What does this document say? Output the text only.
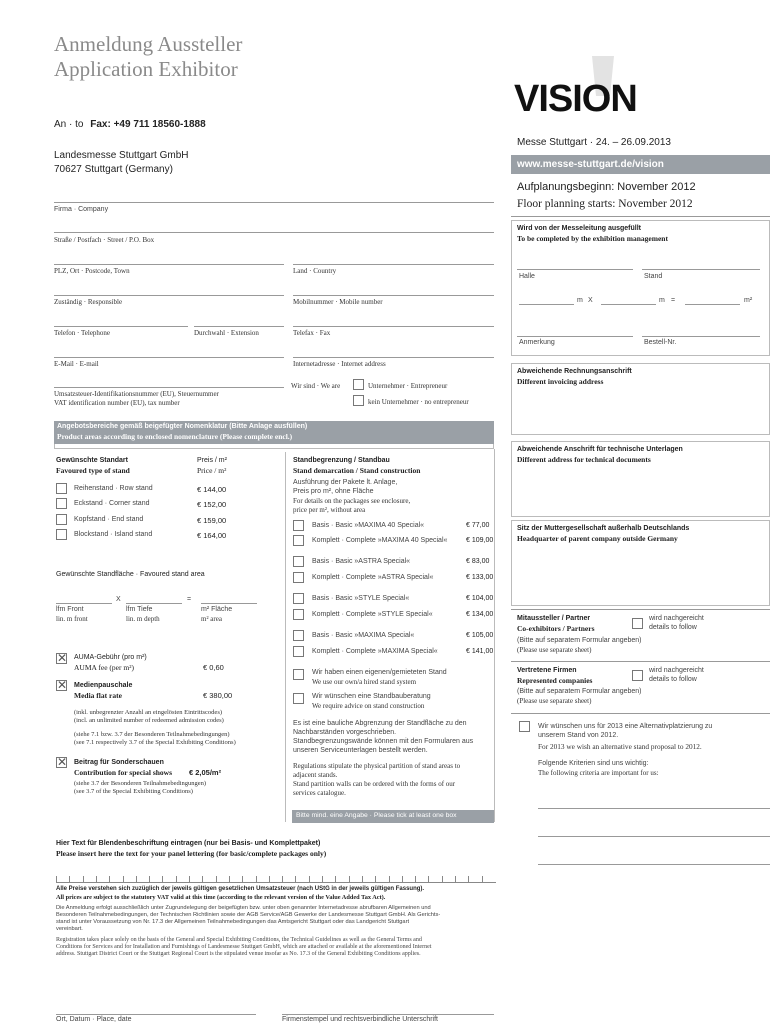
Anmeldung Aussteller
Application Exhibitor
VISION
An · to Fax: +49 711 18560-1888
Landesmesse Stuttgart GmbH
70627 Stuttgart (Germany)
Messe Stuttgart · 24. – 26.09.2013
www.messe-stuttgart.de/vision
Aufplanungsbeginn: November 2012
Floor planning starts: November 2012
Firma · Company
Straße / Postfach · Street / P.O. Box
PLZ, Ort · Postcode, Town	Land · Country
Zuständig · Responsible	Mobilnummer · Mobile number
Telefon · Telephone	Durchwahl · Extension	Telefax · Fax
E-Mail · E-mail	Internetadresse · Internet address
Umsatzsteuer-Identifikationsnummer (EU), Steuernummer
VAT identification number (EU), tax number
Wir sind · We are	Unternehmer · Entrepreneur
kein Unternehmer · no entrepreneur
Wird von der Messeleitung ausgefüllt
To be completed by the exhibition management
Halle	Stand
m X	m =	m²
Anmerkung	Bestell-Nr.
Abweichende Rechnungsanschrift
Different invoicing address
Abweichende Anschrift für technische Unterlagen
Different address for technical documents
Sitz der Muttergesellschaft außerhalb Deutschlands
Headquarter of parent company outside Germany
Mitaussteller / Partner
Co-exhibitors / Partners
wird nachgereicht
details to follow
(Bitte auf separatem Formular angeben)
(Please use separate sheet)
Vertretene Firmen
Represented companies
wird nachgereicht
details to follow
(Bitte auf separatem Formular angeben)
(Please use separate sheet)
Wir wünschen uns für 2013 eine Alternativplatzierung zu
unserem Stand von 2012.
For 2013 we wish an alternative stand proposal to 2012.
Folgende Kriterien sind uns wichtig:
The following criteria are important for us:
Angebotsbereiche gemäß beigefügter Nomenklatur (Bitte Anlage ausfüllen)
Product areas according to enclosed nomenclature (Please complete encl.)
Gewünschte Standart
Favoured type of stand
Preis / m²
Price / m²
Reihenstand · Row stand	€ 144,00
Eckstand · Corner stand	€ 152,00
Kopfstand · End stand	€ 159,00
Blockstand · Island stand	€ 164,00
Gewünschte Standfläche · Favoured stand area
X	=
lfm Front
lin. m front
lfm Tiefe
lin. m depth
m² Fläche
m² area
✕ AUMA-Gebühr (pro m²)
AUMA fee (per m²)	€ 0,60
✕ Medienpauschale
Media flat rate	€ 380,00
(inkl. unbegrenzter Anzahl an eingelösten Eintrittscodes)
(incl. an unlimited number of redeemed admission codes)
(siehe 7.1 bzw. 3.7 der Besonderen Teilnahmebedingungen)
(see 7.1 respectively 3.7 of the Special Exhibiting Conditions)
✕ Beitrag für Sonderschauen
Contribution for special shows € 2,05/m²
(siehe 3.7 der Besonderen Teilnahmebedingungen)
(see 3.7 of the Special Exhibiting Conditions)
Standbegrenzung / Standbau
Stand demarcation / Stand construction
Ausführung der Pakete lt. Anlage,
Preis pro m², ohne Fläche
For details on the packages see enclosure,
price per m², without area
Basis · Basic »MAXIMA 40 Special«	€ 77,00
Komplett · Complete »MAXIMA 40 Special«	€ 109,00
Basis · Basic »ASTRA Special«	€ 83,00
Komplett · Complete »ASTRA Special«	€ 133,00
Basis · Basic »STYLE Special«	€ 104,00
Komplett · Complete »STYLE Special«	€ 134,00
Basis · Basic »MAXIMA Special«	€ 105,00
Komplett · Complete »MAXIMA Special«	€ 141,00
Wir haben einen eigenen/gemieteten Stand
We use our own/a hired stand system
Wir wünschen eine Standbauberatung
We require advice on stand construction
Es ist eine bauliche Abgrenzung der Standfläche zu den
Nachbarständen vorgeschrieben.
Standbegrenzungswände können mit den Formularen aus
unseren Serviceunterlagen bestellt werden.
Regulations stipulate the physical partition of stand areas to
adjacent stands.
Stand partition walls can be ordered with the forms of our
services catalogue.
Bitte mind. eine Angabe · Please tick at least one box
Hier Text für Blendenbeschriftung eintragen (nur bei Basis- und Komplettpaket)
Please insert here the text for your panel lettering (for basic/complete packages only)
Alle Preise verstehen sich zuzüglich der jeweils gültigen gesetzlichen Umsatzsteuer (nach UStG in der jeweils gültigen Fassung).
All prices are subject to the statutory VAT valid at this time (according to the relevant version of the Value Added Tax Act).
Die Anmeldung erfolgt ausschließlich unter Zugrundelegung der beigefügten bzw. unter oben genannter Internetadresse abrufbaren Allgemeinen und
Besonderen Teilnahmebedingungen, der Technischen Richtlinien sowie der AGB Service/AGB Gewerke der Landesmesse Stuttgart GmbH. Als Gerichts-
stand ist unter Voraussetzung von Nr. 17.3 der Allgemeinen Teilnahmebedingungen das Amtsgericht Stuttgart oder das Landgericht Stuttgart
vereinbart.
Registration takes place solely on the basis of the General and Special Exhibiting Conditions, the Technical Guidelines as well as the General Terms and
Conditions for Services and for Installation and Furnishings of Landesmesse Stuttgart GmbH, which are attached or available at the aforementioned Internet
address. Stuttgart District Court or the Stuttgart Regional Court is the stipulated venue insofar as No. 17.3 of the General Exhibiting Conditions applies.
Ort, Datum · Place, date	Firmenstempel und rechtsverbindliche Unterschrift
